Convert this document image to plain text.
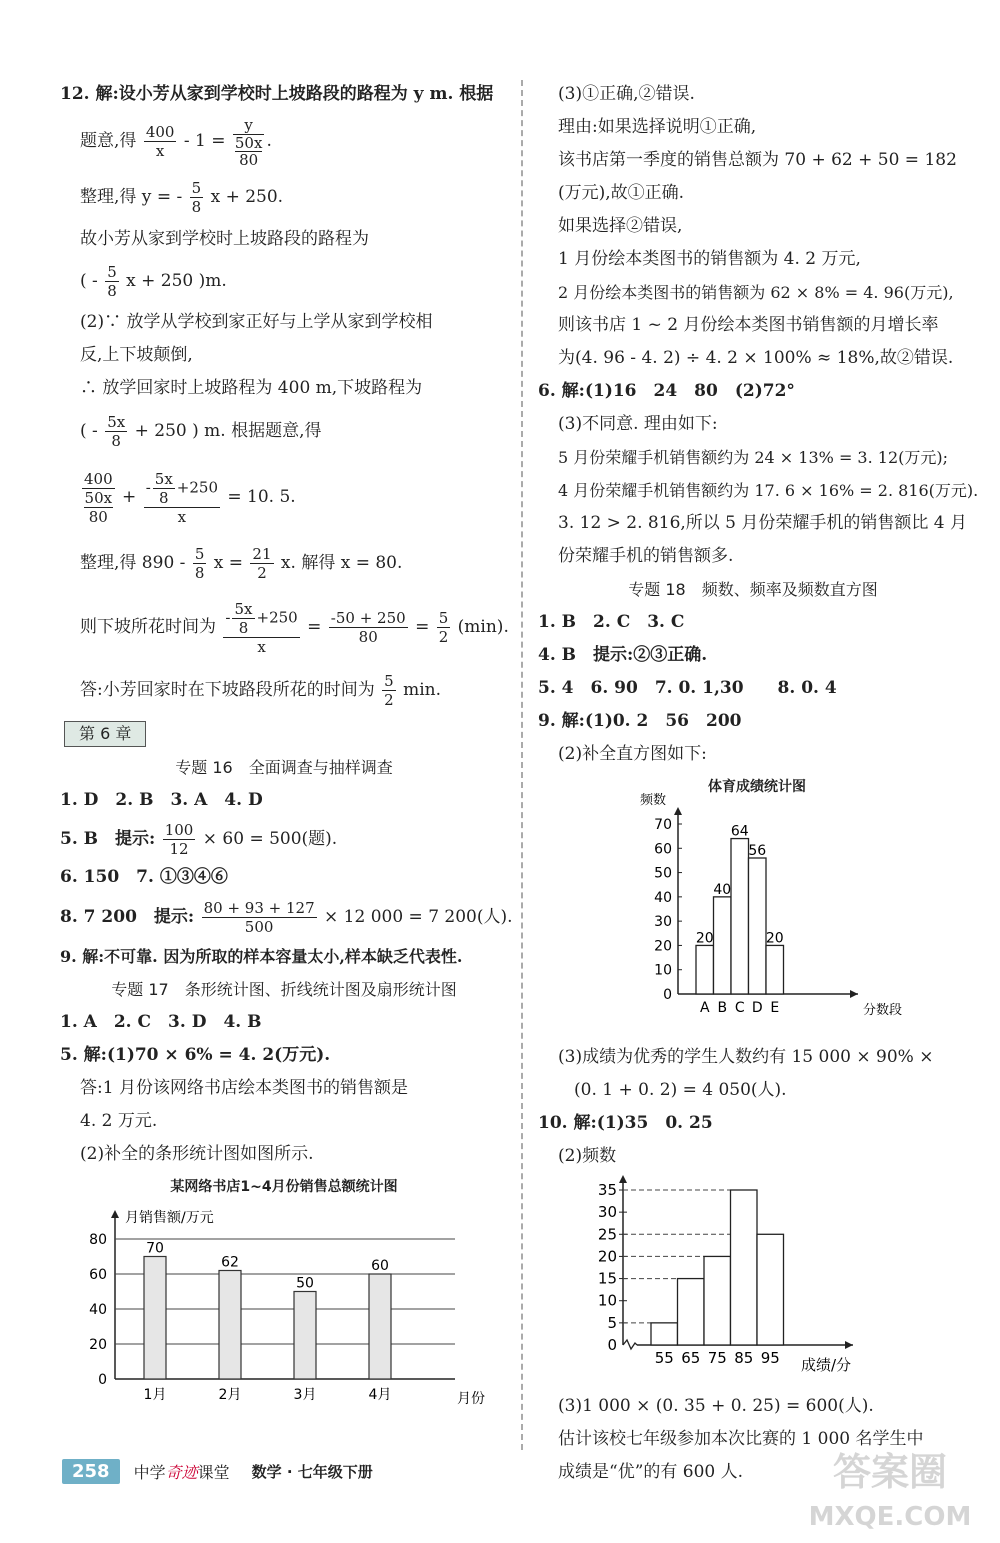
12. 解:设小芳从家到学校时上坡路段的路程为 y m. 根据
题意,得 $\frac{400}{x} - 1 = y$
50x
80 .
整理,得 y = - $\frac{5}{8}$ x + 250.
故小芳从家到学校时上坡路段的路程为
( - $\frac{5}{8}$ x + 250 )m.
(2)∵ 放学从学校到家正好与上学从家到学校相
反,上下坡颠倒,
∴ 放学回家时上坡路程为 400 m,下坡路程为
( - $\frac{5x}{8} + 250$ ) m. 根据题意,得
400
50x
$80 + \frac{- \frac{5x}{8} +250}{x} = 10$. 5.
整理,得 $890 - \frac{5}{8}$ $x = \frac{21}{2} x$. 解得 x = 80.
则下坡所花时间为 $\frac{- \frac{5x}{8} +250}{x} = \frac{-50 + 250}{80} = \frac{5}{2} (\min)$.
答:小芳回家时在下坡路段所花的时间为 $\frac{5}{2} \min$.
第 6 章
专题 16　全面调查与抽样调查
1. D　2. B　3. A　4. D
5. B　提示: $\frac{100}{12} \times 60 = 500$(题).
6. 150　7. ①③④⑥
8. 7 200　提示: $\frac{80 + 93 + 127}{500} \times 12$ 000 = 7 200(人).
9. 解:不可靠. 因为所取的样本容量太小,样本缺乏代表性.
专题 17　条形统计图、折线统计图及扇形统计图
1. A　2. C　3. D　4. B
5. 解:(1)70 × 6% = 4. 2(万元).
答:1 月份该网络书店绘本类图书的销售额是
4. 2 万元.
(2)补全的条形统计图如图所示.
某网络书店1~4月份销售总额统计图
0
20
40
60
80
月销售额/万元
月份
70
1月
62
2月
50
3月
60
4月
(3)①正确,②错误.
理由:如果选择说明①正确,
该书店第一季度的销售总额为 70 + 62 + 50 = 182
(万元),故①正确.
如果选择②错误,
1 月份绘本类图书的销售额为 4. 2 万元,
2 月份绘本类图书的销售额为 62 × 8% = 4. 96(万元),
则该书店 1 ~ 2 月份绘本类图书销售额的月增长率
为(4. 96 - 4. 2) ÷ 4. 2 × 100% ≈ 18%,故②错误.
6. 解:(1)16　24　80　(2)72°
(3)不同意. 理由如下:
5 月份荣耀手机销售额约为 24 × 13% = 3. 12(万元);
4 月份荣耀手机销售额约为 17. 6 × 16% = 2. 816(万元).
3. 12 > 2. 816,所以 5 月份荣耀手机的销售额比 4 月
份荣耀手机的销售额多.
专题 18　频数、频率及频数直方图
1. B　2. C　3. C
4. B　提示:②③正确.
5. 4　6. 90　7. 0. 1,30　　8. 0. 4
9. 解:(1)0. 2　56　200
(2)补全直方图如下:
体育成绩统计图
频数
分数段
0
10
20
30
40
50
60
70
20
A
40
B
64
C
56
D
20
E
(3)成绩为优秀的学生人数约有 15 000 × 90% ×
(0. 1 + 0. 2) = 4 050(人).
10. 解:(1)35　0. 25
(2)频数
成绩/分
0
5
10
15
20
25
30
35
55 65 75 85 95
(3)1 000 × (0. 35 + 0. 25) = 600(人).
估计该校七年级参加本次比赛的 1 000 名学生中
成绩是“优”的有 600 人.
258	中学奇迹课堂 数学 · 七年级下册	答案圈
MXQE.COM
